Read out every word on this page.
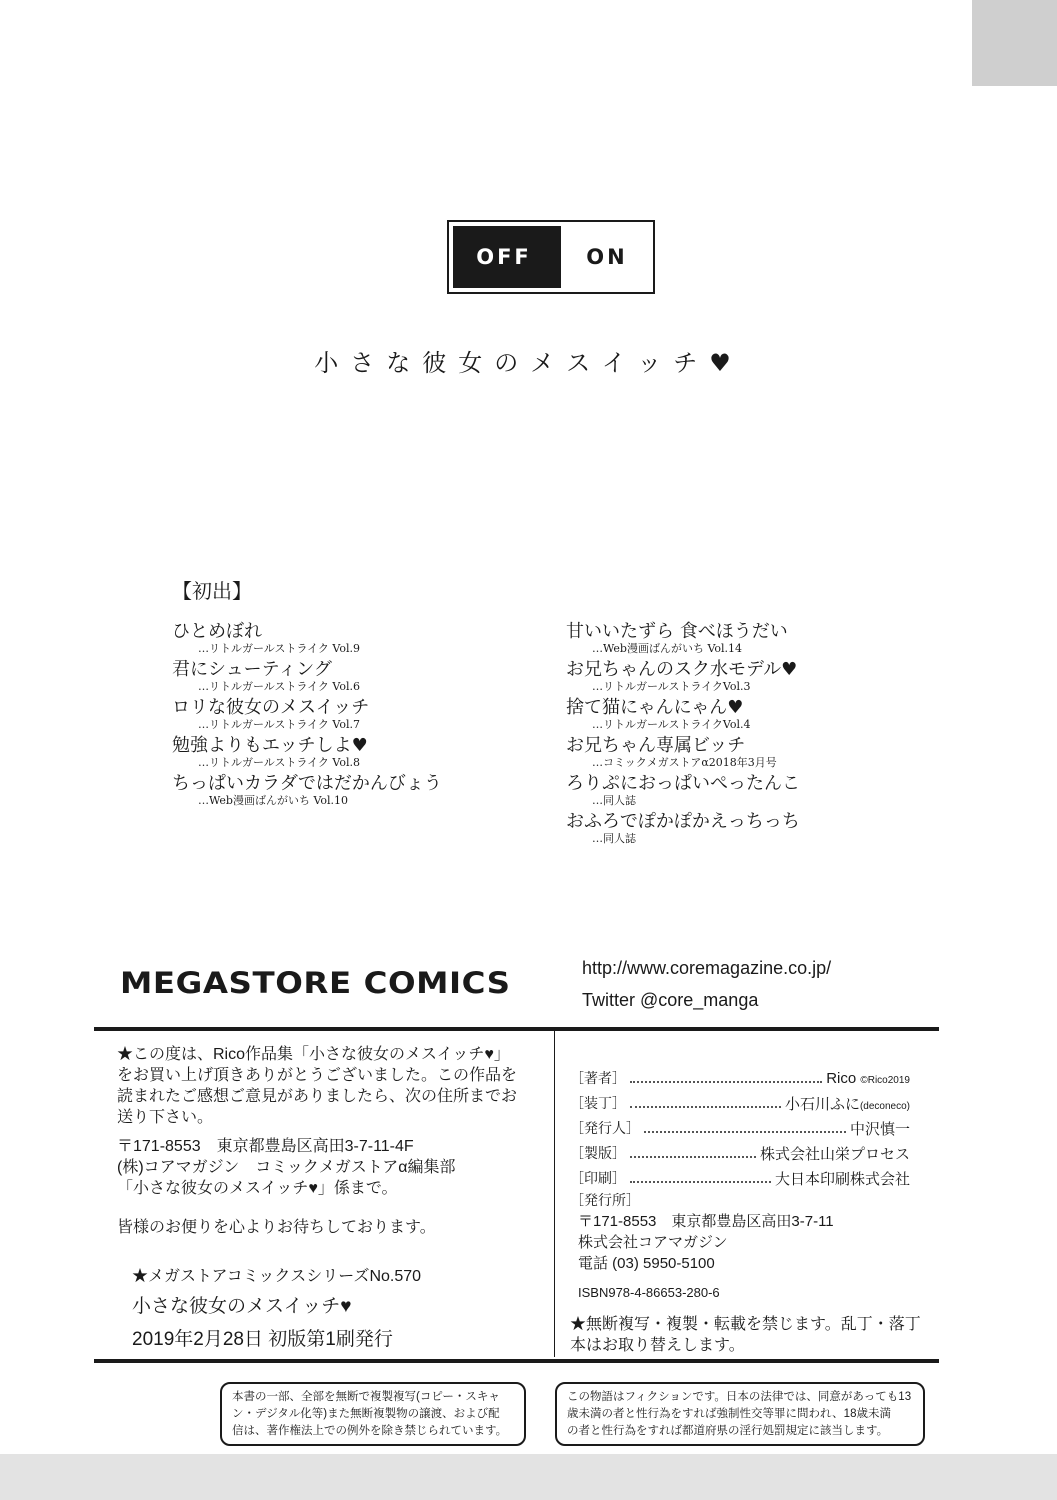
OFF	ON
小さな彼女のメスイッチ♥
【初出】
ひとめぼれ
…リトルガールストライク Vol.9
君にシューティング
…リトルガールストライク Vol.6
ロリな彼女のメスイッチ
…リトルガールストライク Vol.7
勉強よりもエッチしよ♥
…リトルガールストライク Vol.8
ちっぱいカラダではだかんびょう
…Web漫画ばんがいち Vol.10
甘いいたずら 食べほうだい
…Web漫画ばんがいち Vol.14
お兄ちゃんのスク水モデル♥
…リトルガールストライクVol.3
捨て猫にゃんにゃん♥
…リトルガールストライクVol.4
お兄ちゃん専属ビッチ
…コミックメガストアα2018年3月号
ろりぷにおっぱいぺったんこ
…同人誌
おふろでぽかぽかえっちっち
…同人誌
MEGASTORE COMICS	http://www.coremagazine.co.jp/
Twitter @core_manga
★この度は、Rico作品集「小さな彼女のメスイッチ♥」
をお買い上げ頂きありがとうございました。この作品を
読まれたご感想ご意見がありましたら、次の住所までお
送り下さい。
〒171-8553　東京都豊島区高田3-7-11-4F
(株)コアマガジン　コミックメガストアα編集部
「小さな彼女のメスイッチ♥」係まで。
皆様のお便りを心よりお待ちしております。
★メガストアコミックスシリーズNo.570
小さな彼女のメスイッチ♥
2019年2月28日 初版第1刷発行
［著者］	Rico ©Rico2019
［装丁］	小石川ふに(deconeco)
［発行人］	中沢慎一
［製版］	株式会社山栄プロセス
［印刷］	大日本印刷株式会社
［発行所］
〒171-8553　東京都豊島区高田3-7-11
株式会社コアマガジン
電話 (03) 5950-5100
ISBN978-4-86653-280-6
★無断複写・複製・転載を禁じます。乱丁・落丁
本はお取り替えします。
本書の一部、全部を無断で複製複写(コピー・スキャ
ン・デジタル化等)また無断複製物の譲渡、および配
信は、著作権法上での例外を除き禁じられています。
この物語はフィクションです。日本の法律では、同意があっても13
歳未満の者と性行為をすれば強制性交等罪に問われ、18歳未満
の者と性行為をすれば都道府県の淫行処罰規定に該当します。
